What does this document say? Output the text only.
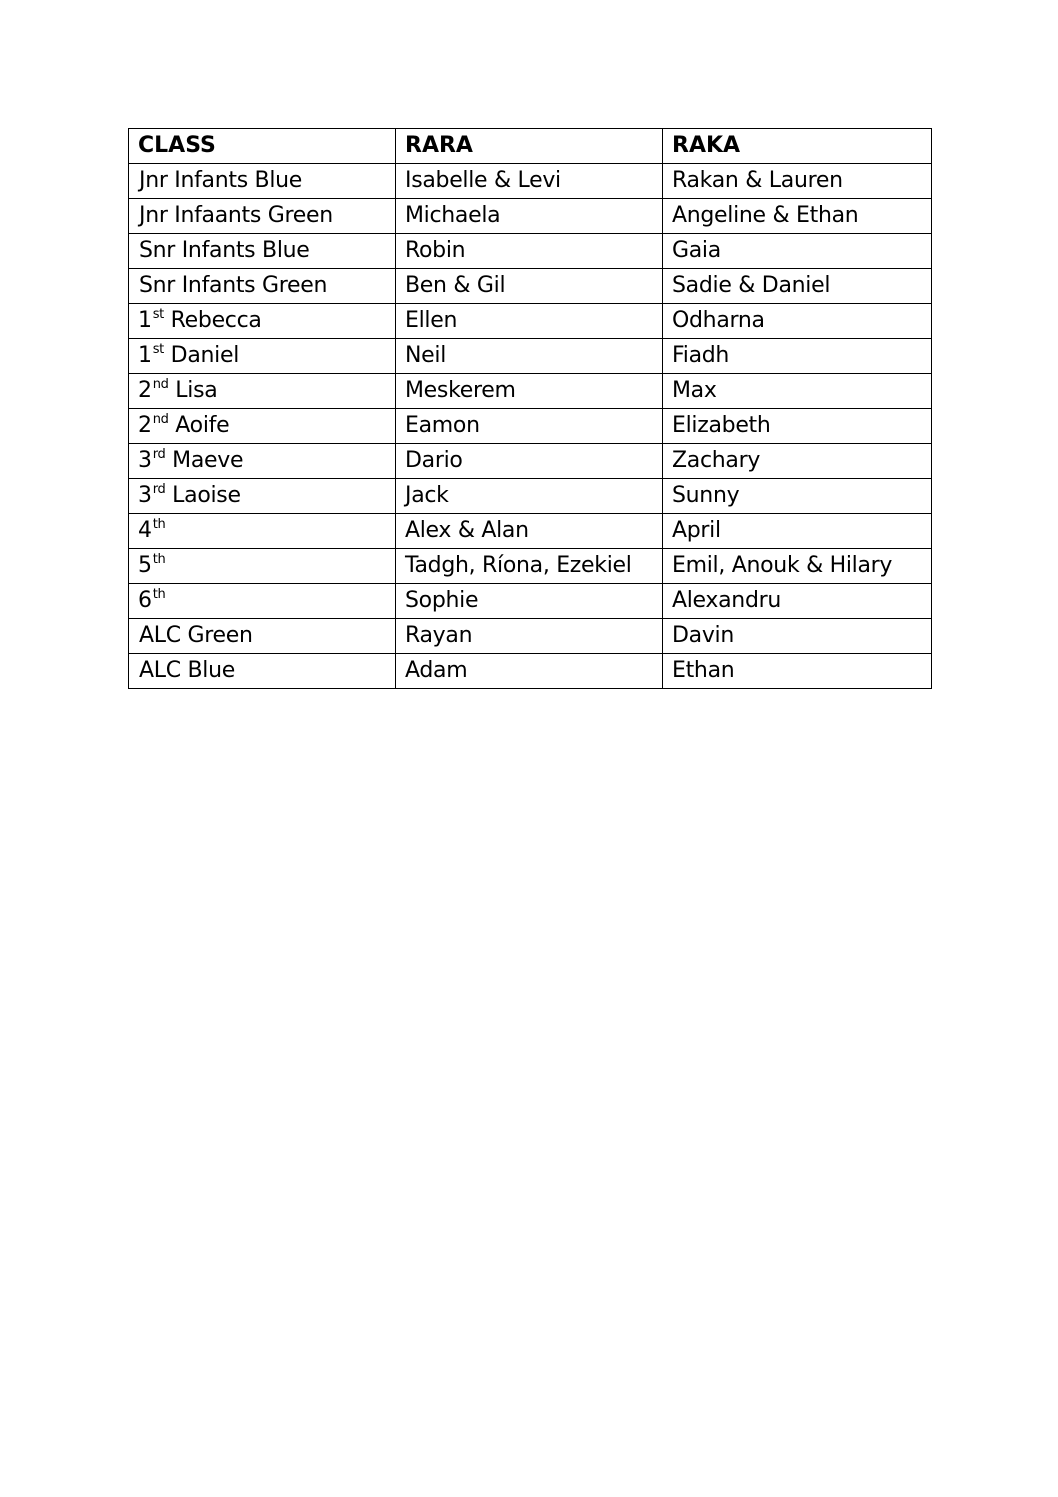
CLASS	RARA	RAKA
Jnr Infants Blue	Isabelle & Levi	Rakan & Lauren
Jnr Infaants Green	Michaela	Angeline & Ethan
Snr Infants Blue	Robin	Gaia
Snr Infants Green	Ben & Gil	Sadie & Daniel
1st Rebecca	Ellen	Odharna
1st Daniel	Neil	Fiadh
2nd Lisa	Meskerem	Max
2nd Aoife	Eamon	Elizabeth
3rd Maeve	Dario	Zachary
3rd Laoise	Jack	Sunny
4th	Alex & Alan	April
5th	Tadgh, Ríona, Ezekiel	Emil, Anouk & Hilary
6th	Sophie	Alexandru
ALC Green	Rayan	Davin
ALC Blue	Adam	Ethan
